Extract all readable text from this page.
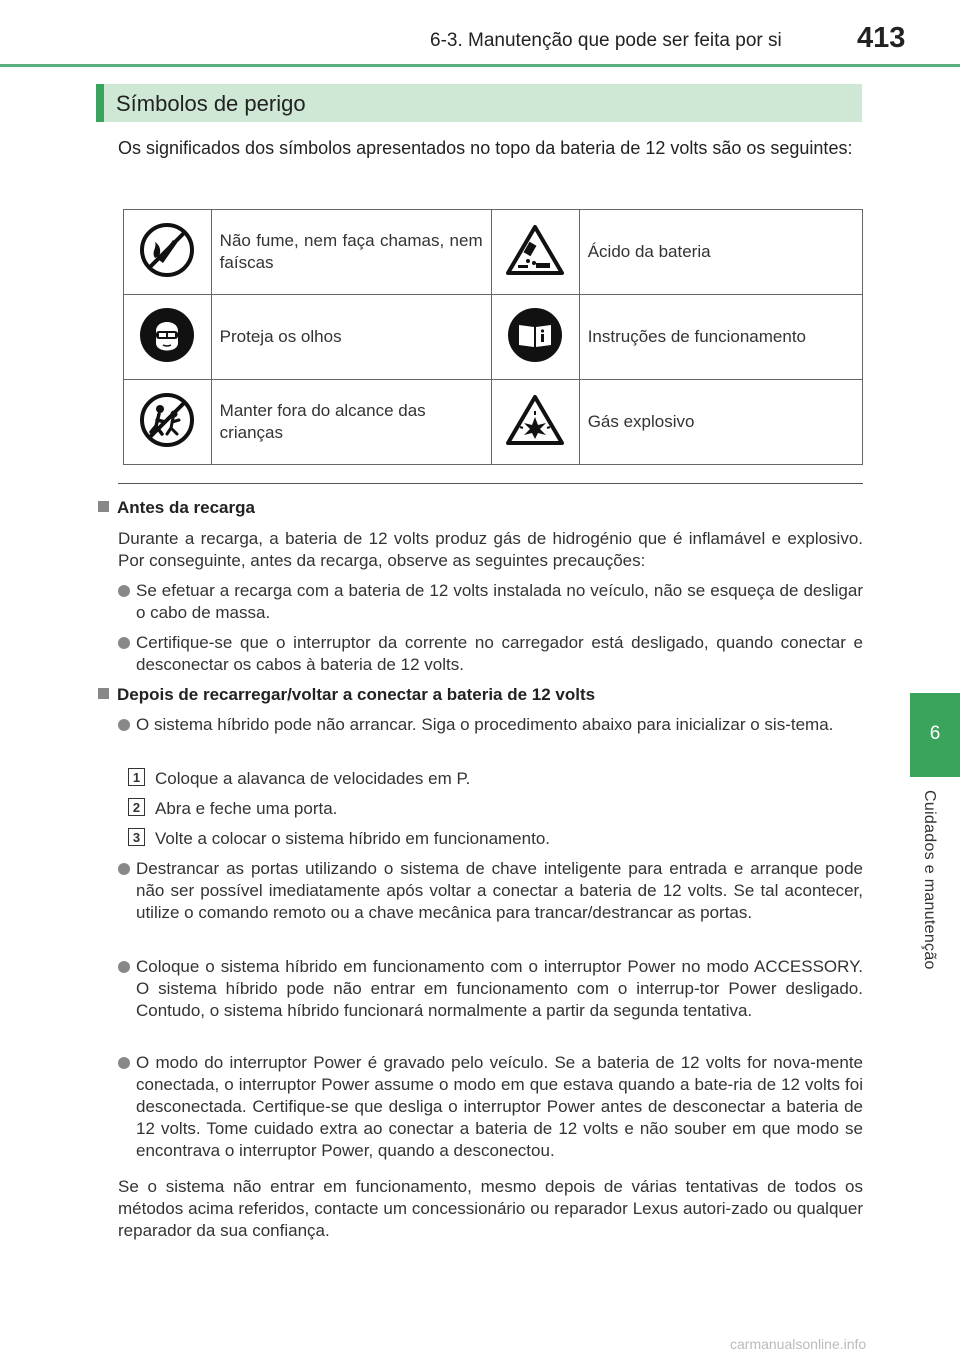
6-3. Manutenção que pode ser feita por si	413
6
Cuidados e manutenção
Símbolos de perigo
Os significados dos símbolos apresentados no topo da bateria de 12 volts são os seguintes:

Não fume, nem faça chamas, nem faíscas		Ácido da bateria

Proteja os olhos		Instruções de funcionamento

Manter fora do alcance das crianças		Gás explosivo
Antes da recarga
Durante a recarga, a bateria de 12 volts produz gás de hidrogénio que é inflamável e explosivo. Por conseguinte, antes da recarga, observe as seguintes precauções:
Se efetuar a recarga com a bateria de 12 volts instalada no veículo, não se esqueça de desligar o cabo de massa.
Certifique-se que o interruptor da corrente no carregador está desligado, quando conectar e desconectar os cabos à bateria de 12 volts.
Depois de recarregar/voltar a conectar a bateria de 12 volts
O sistema híbrido pode não arrancar. Siga o procedimento abaixo para inicializar o sis-tema.
1 Coloque a alavanca de velocidades em P.
2 Abra e feche uma porta.
3 Volte a colocar o sistema híbrido em funcionamento.
Destrancar as portas utilizando o sistema de chave inteligente para entrada e arranque pode não ser possível imediatamente após voltar a conectar a bateria de 12 volts. Se tal acontecer, utilize o comando remoto ou a chave mecânica para trancar/destrancar as portas.
Coloque o sistema híbrido em funcionamento com o interruptor Power no modo ACCESSORY. O sistema híbrido pode não entrar em funcionamento com o interrup-tor Power desligado. Contudo, o sistema híbrido funcionará normalmente a partir da segunda tentativa.
O modo do interruptor Power é gravado pelo veículo. Se a bateria de 12 volts for nova-mente conectada, o interruptor Power assume o modo em que estava quando a bate-ria de 12 volts foi desconectada. Certifique-se que desliga o interruptor Power antes de desconectar a bateria de 12 volts. Tome cuidado extra ao conectar a bateria de 12 volts e não souber em que modo se encontrava o interruptor Power, quando a desconectou.
Se o sistema não entrar em funcionamento, mesmo depois de várias tentativas de todos os métodos acima referidos, contacte um concessionário ou reparador Lexus autori-zado ou qualquer reparador da sua confiança.
carmanualsonline.info
